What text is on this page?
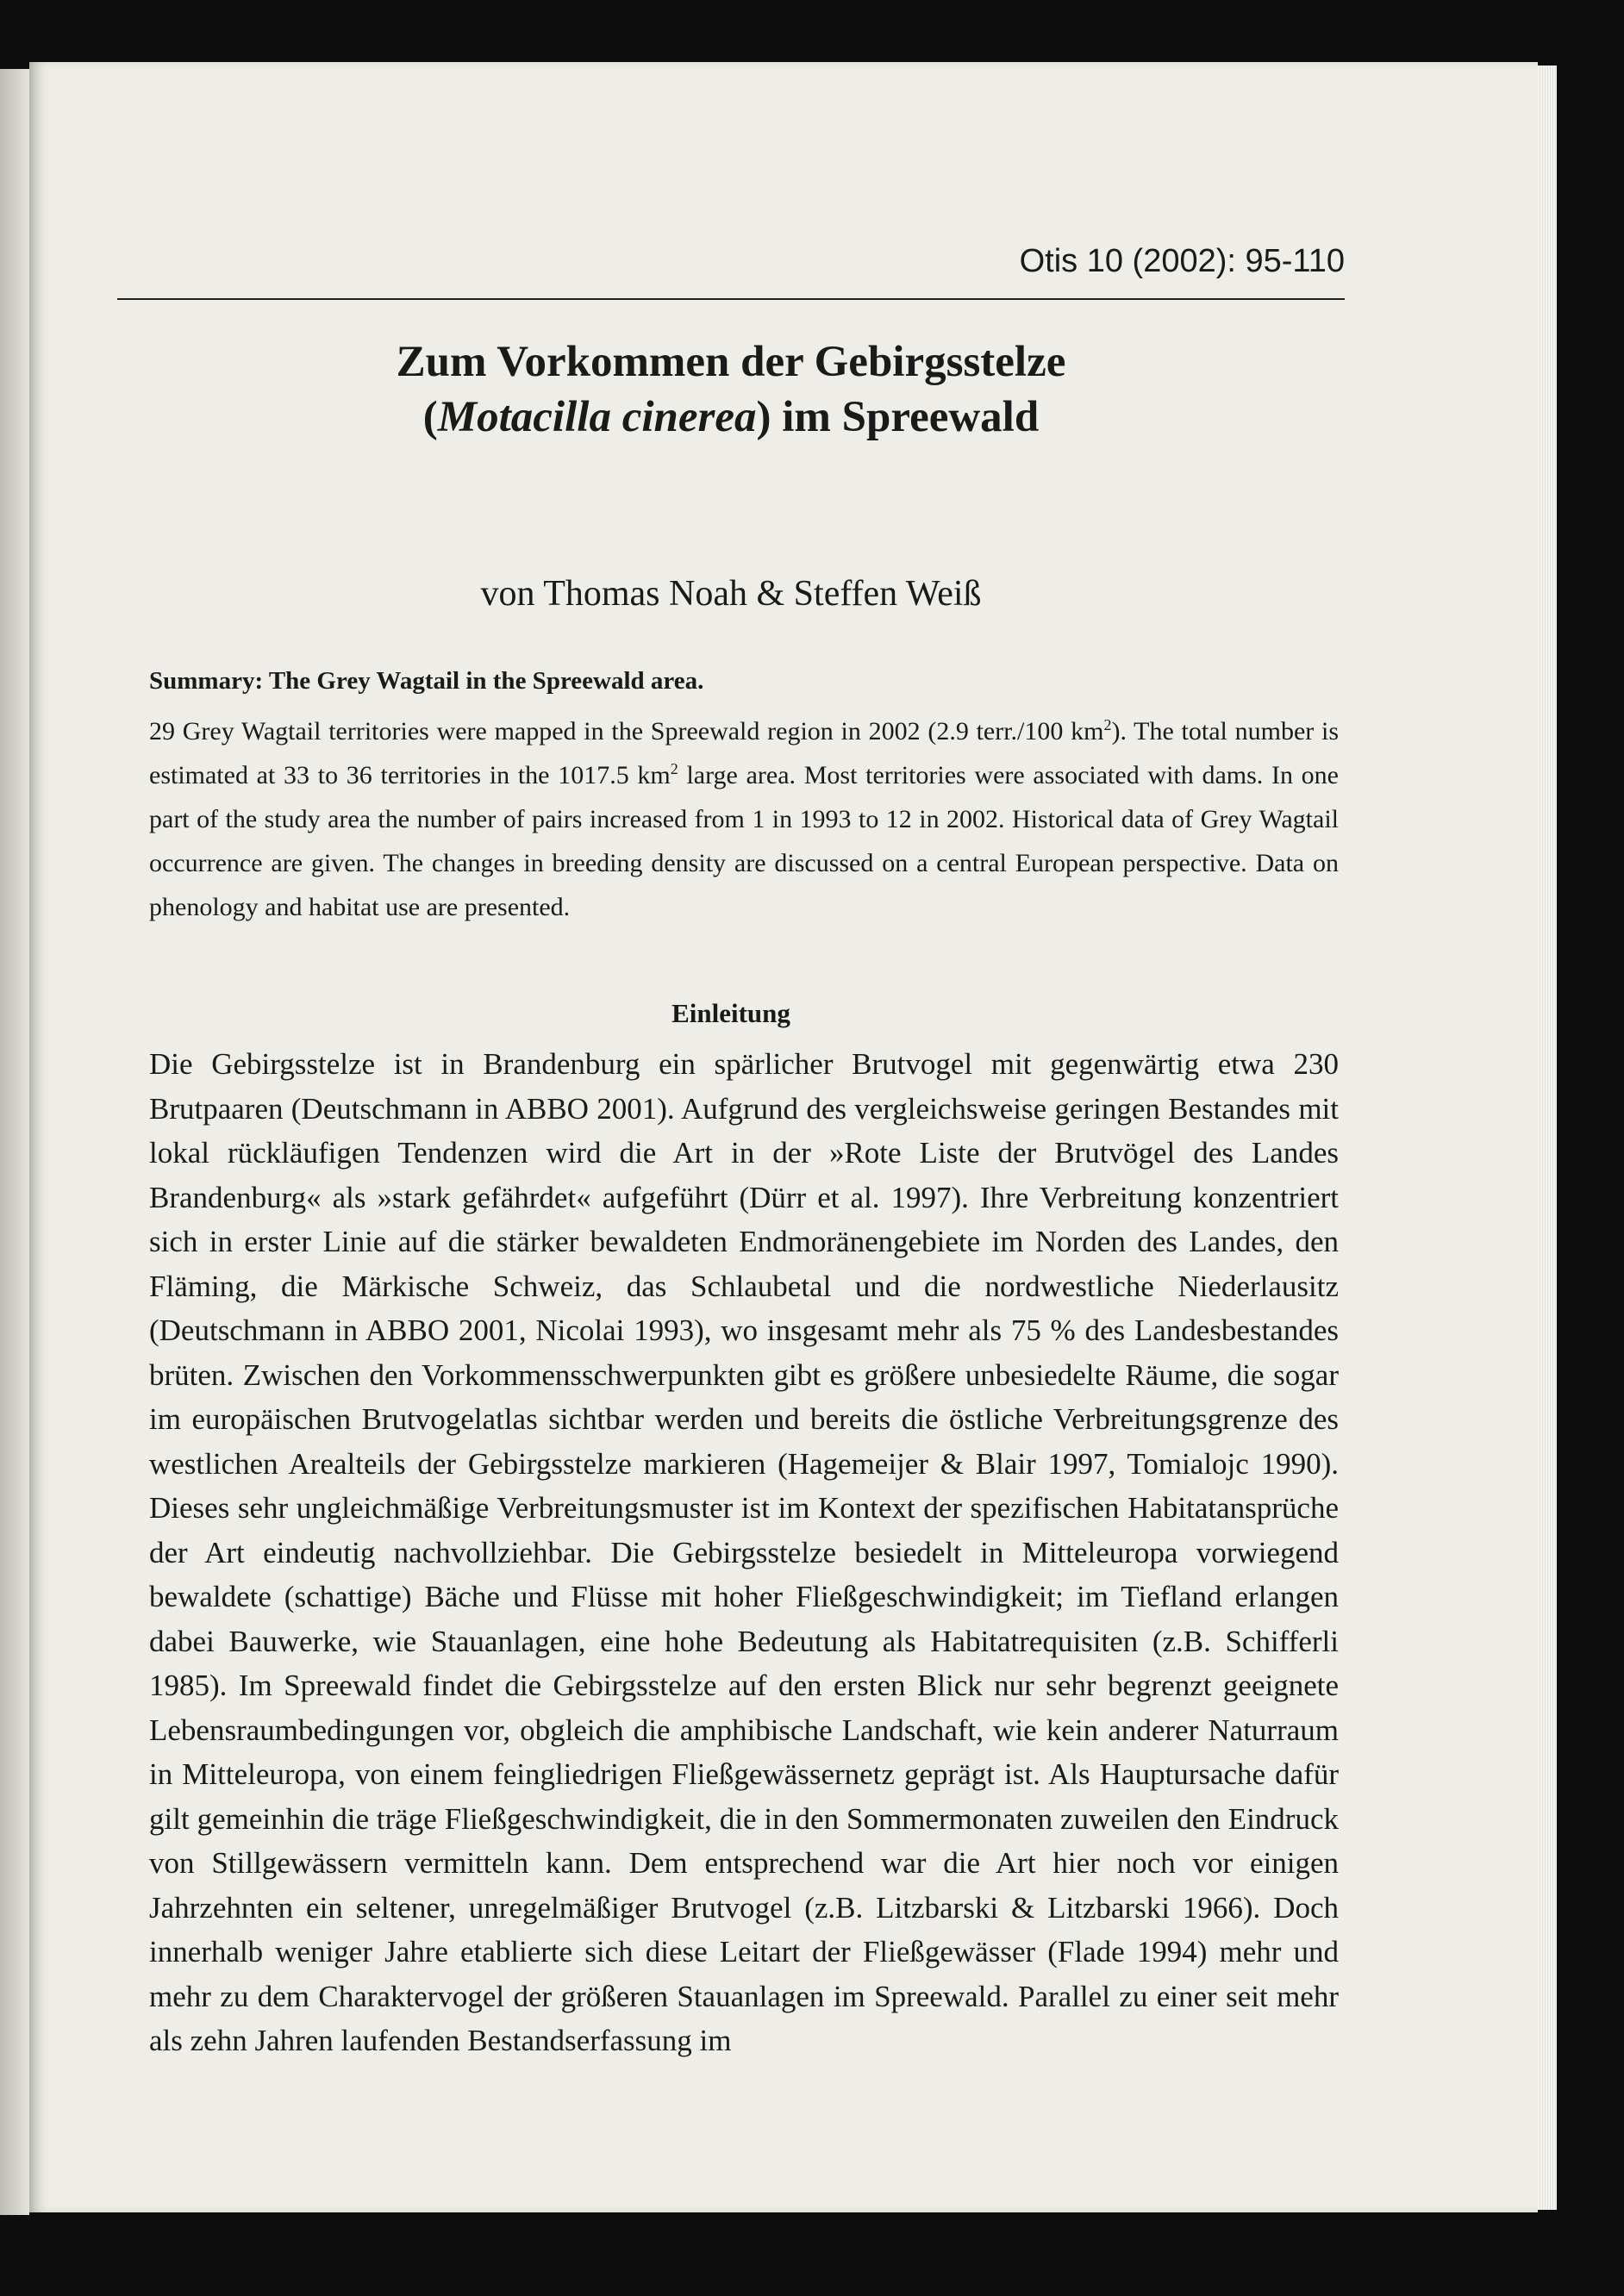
Otis 10 (2002): 95-110
Zum Vorkommen der Gebirgsstelze
(Motacilla cinerea) im Spreewald
von Thomas Noah & Steffen Weiß
Summary: The Grey Wagtail in the Spreewald area.

29 Grey Wagtail territories were mapped in the Spreewald region in 2002 (2.9 terr./100 $km^2$). The total number is estimated at 33 to 36 territories in the 1017.5 $km^2$ large area. Most territories were associated with dams. In one part of the study area the number of pairs increased from 1 in 1993 to 12 in 2002. Historical data of Grey Wagtail occurrence are given. The changes in breeding density are discussed on a central European perspective. Data on phenology and habitat use are presented.

Einleitung

Die Gebirgsstelze ist in Brandenburg ein spärlicher Brutvogel mit gegenwärtig etwa 230 Brutpaaren (Deutschmann in ABBO 2001). Aufgrund des vergleichsweise geringen Bestandes mit lokal rückläufigen Tendenzen wird die Art in der »Rote Liste der Brutvögel des Landes Brandenburg« als »stark gefährdet« aufgeführt (Dürr et al. 1997). Ihre Verbreitung konzentriert sich in erster Linie auf die stärker bewaldeten Endmoränengebiete im Norden des Landes, den Fläming, die Märkische Schweiz, das Schlaubetal und die nordwestliche Niederlausitz (Deutschmann in ABBO 2001, Nicolai 1993), wo insgesamt mehr als 75 % des Landesbestandes brüten. Zwischen den Vorkommensschwerpunkten gibt es größere unbesiedelte Räume, die sogar im europäischen Brutvogelatlas sichtbar werden und bereits die östliche Verbreitungsgrenze des westlichen Arealteils der Gebirgsstelze markieren (Hagemeijer & Blair 1997, Tomialojc 1990). Dieses sehr ungleichmäßige Verbreitungsmuster ist im Kontext der spezifischen Habitatansprüche der Art eindeutig nachvollziehbar. Die Gebirgsstelze besiedelt in Mitteleuropa vorwiegend bewaldete (schattige) Bäche und Flüsse mit hoher Fließgeschwindigkeit; im Tiefland erlangen dabei Bauwerke, wie Stauanlagen, eine hohe Bedeutung als Habitatrequisiten (z.B. Schifferli 1985). Im Spreewald findet die Gebirgsstelze auf den ersten Blick nur sehr begrenzt geeignete Lebensraumbedingungen vor, obgleich die amphibische Landschaft, wie kein anderer Naturraum in Mitteleuropa, von einem feingliedrigen Fließgewässernetz geprägt ist. Als Hauptursache dafür gilt gemeinhin die träge Fließgeschwindigkeit, die in den Sommermonaten zuweilen den Eindruck von Stillgewässern vermitteln kann. Dem entsprechend war die Art hier noch vor einigen Jahrzehnten ein seltener, unregelmäßiger Brutvogel (z.B. Litzbarski & Litzbarski 1966). Doch innerhalb weniger Jahre etablierte sich diese Leitart der Fließgewässer (Flade 1994) mehr und mehr zu dem Charaktervogel der größeren Stauanlagen im Spreewald. Parallel zu einer seit mehr als zehn Jahren laufenden Bestandserfassung im
